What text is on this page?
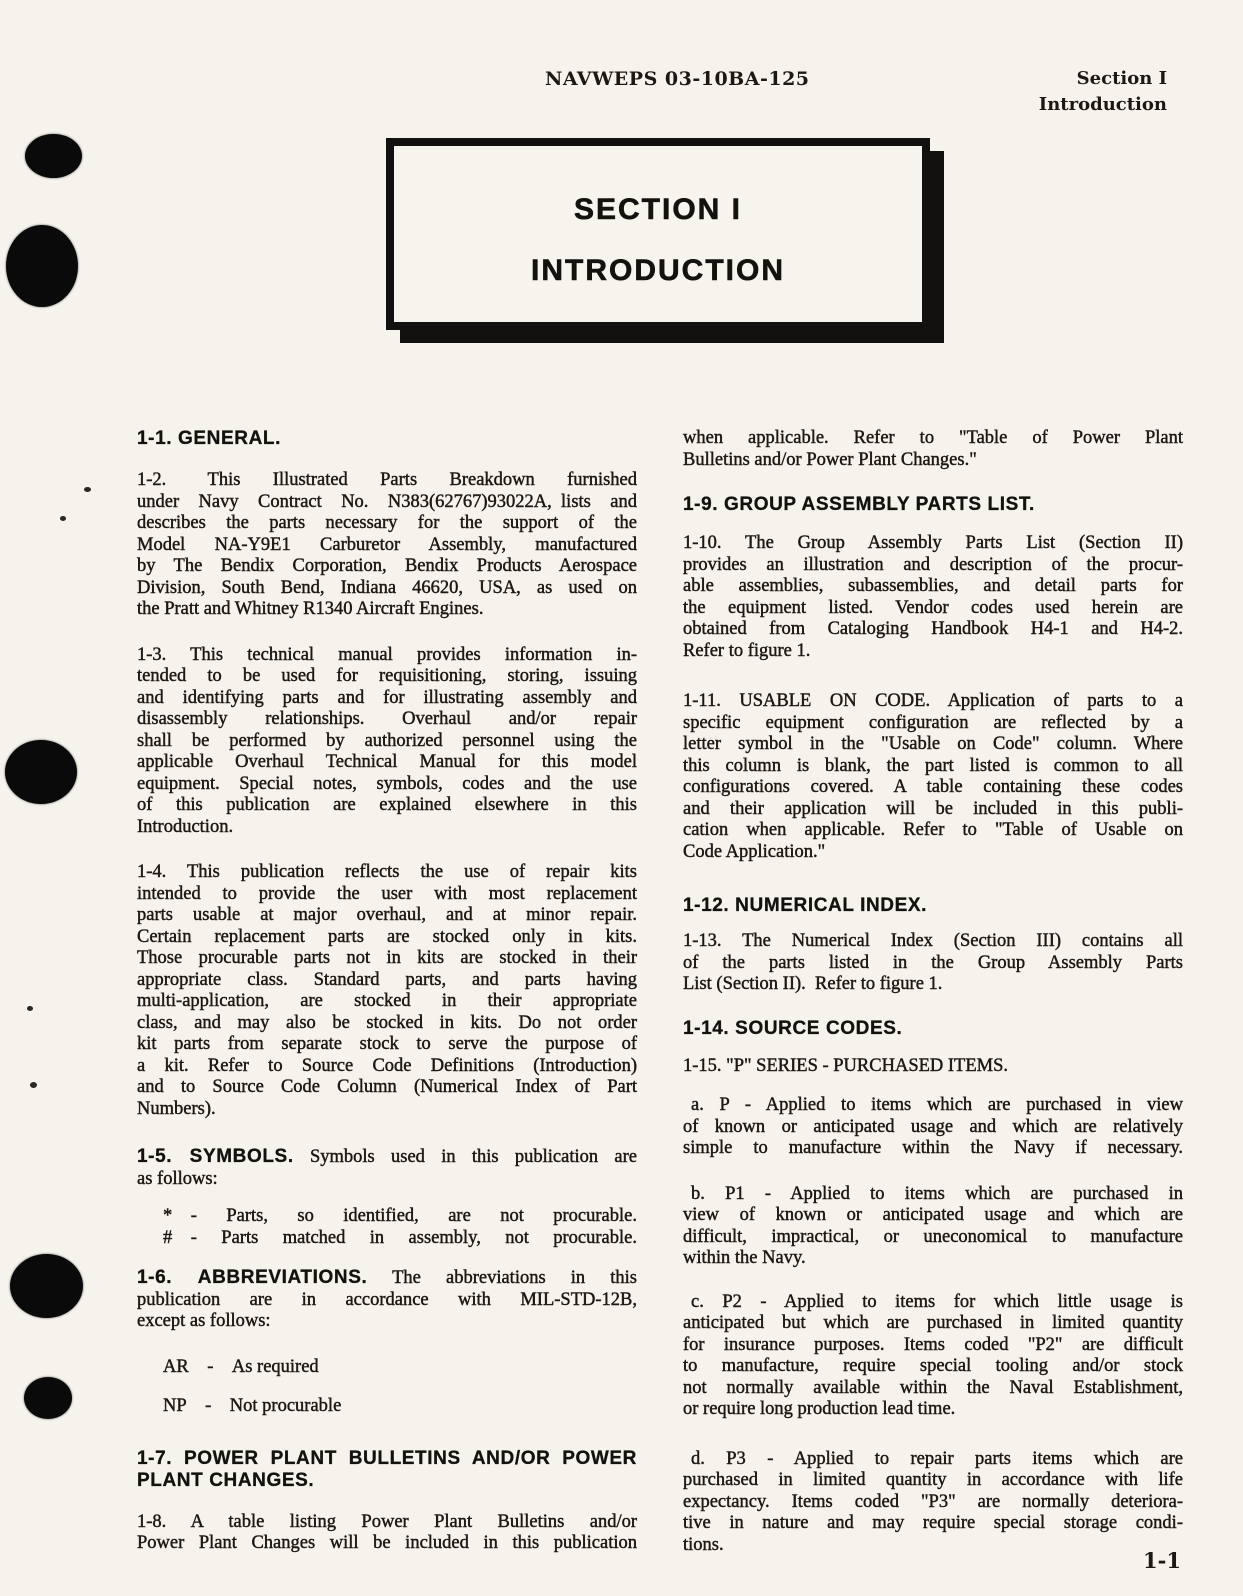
NAVWEPS 03-10BA-125	Section I
Introduction
SECTION I
INTRODUCTION
1-1. GENERAL.
1-2.  This Illustrated Parts Breakdown furnished
under Navy Contract No. N383(62767)93022A, lists and
describes the parts necessary for the support of the
Model NA-Y9E1 Carburetor Assembly, manufactured
by The Bendix Corporation, Bendix Products Aerospace
Division, South Bend, Indiana 46620, USA, as used on
the Pratt and Whitney R1340 Aircraft Engines.
1-3. This technical manual provides information in-
tended to be used for requisitioning, storing, issuing
and identifying parts and for illustrating assembly and
disassembly relationships. Overhaul and/or repair
shall be performed by authorized personnel using the
applicable Overhaul Technical Manual for this model
equipment. Special notes, symbols, codes and the use
of this publication are explained elsewhere in this
Introduction.
1-4. This publication reflects the use of repair kits
intended to provide the user with most replacement
parts usable at major overhaul, and at minor repair.
Certain replacement parts are stocked only in kits.
Those procurable parts not in kits are stocked in their
appropriate class. Standard parts, and parts having
multi-application, are stocked in their appropriate
class, and may also be stocked in kits. Do not order
kit parts from separate stock to serve the purpose of
a kit. Refer to Source Code Definitions (Introduction)
and to Source Code Column (Numerical Index of Part
Numbers).
1-5. SYMBOLS. Symbols used in this publication are
as follows:
* - Parts, so identified, are not procurable.
# - Parts matched in assembly, not procurable.
1-6. ABBREVIATIONS. The abbreviations in this
publication are in accordance with MIL-STD-12B,
except as follows:
AR - As required
NP - Not procurable
1-7. POWER PLANT BULLETINS AND/OR POWER
PLANT CHANGES.
1-8. A table listing Power Plant Bulletins and/or
Power Plant Changes will be included in this publication
when applicable. Refer to "Table of Power Plant
Bulletins and/or Power Plant Changes."
1-9. GROUP ASSEMBLY PARTS LIST.
1-10. The Group Assembly Parts List (Section II)
provides an illustration and description of the procur-
able assemblies, subassemblies, and detail parts for
the equipment listed. Vendor codes used herein are
obtained from Cataloging Handbook H4-1 and H4-2.
Refer to figure 1.
1-11. USABLE ON CODE. Application of parts to a
specific equipment configuration are reflected by a
letter symbol in the "Usable on Code" column. Where
this column is blank, the part listed is common to all
configurations covered. A table containing these codes
and their application will be included in this publi-
cation when applicable. Refer to "Table of Usable on
Code Application."
1-12. NUMERICAL INDEX.
1-13. The Numerical Index (Section III) contains all
of the parts listed in the Group Assembly Parts
List (Section II). Refer to figure 1.
1-14. SOURCE CODES.
1-15. "P" SERIES - PURCHASED ITEMS.
a. P - Applied to items which are purchased in view
of known or anticipated usage and which are relatively
simple to manufacture within the Navy if necessary.
b. P1 - Applied to items which are purchased in
view of known or anticipated usage and which are
difficult, impractical, or uneconomical to manufacture
within the Navy.
c. P2 - Applied to items for which little usage is
anticipated but which are purchased in limited quantity
for insurance purposes. Items coded "P2" are difficult
to manufacture, require special tooling and/or stock
not normally available within the Naval Establishment,
or require long production lead time.
d. P3 - Applied to repair parts items which are
purchased in limited quantity in accordance with life
expectancy. Items coded "P3" are normally deteriora-
tive in nature and may require special storage condi-
tions.
1-1
